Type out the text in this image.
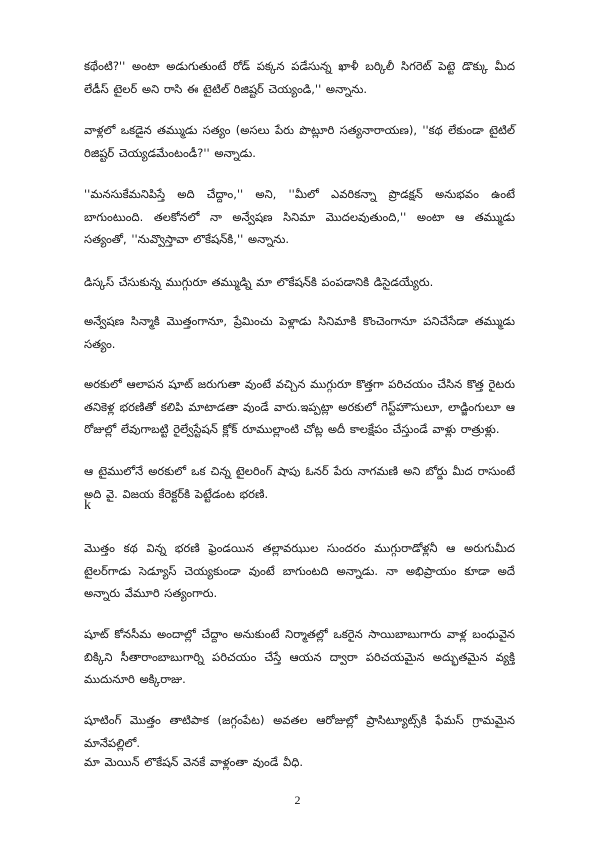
కథేంటి?'' అంటా అడుగుతుంటే రోడ్ పక్కన పడేసున్న ఖాళీ బర్కిలీ సిగరెట్ పెట్టె డొక్కు మీద లేడీస్ టైలర్ అని రాసి ఈ టైటిల్ రిజిష్టర్ చెయ్యండి,'' అన్నాను.

వాళ్లలో ఒకడైన తమ్ముడు సత్యం (అసలు పేరు పొట్లూరి సత్యనారాయణ), ''కథ లేకుండా టైటిల్ రిజిష్టర్ చెయ్యడమేంటండీ?'' అన్నాడు.

''మనసుకేమనిపిస్తే అది చేద్దాం,'' అని, ''మీలో ఎవరికన్నా ప్రొడక్షన్ అనుభవం ఉంటే బాగుంటుంది. తలకోనలో నా అన్వేషణ సినిమా మొదలవుతుంది,'' అంటా ఆ తమ్ముడు సత్యంతో, ''నువ్వొస్తావా లొకేషన్‌కి,'' అన్నాను.

డిస్కస్ చేసుకున్న ముగ్గురూ తమ్ముడ్ని మా లొకేషన్‌కి పంపడానికి డిసైడయ్యేరు.

అన్వేషణ సిన్మాకి మొత్తంగానూ, ప్రేమించు పెళ్లాడు సినిమాకి కొంచెంగానూ పనిచేసేడా తమ్ముడు సత్యం.

అరకులో ఆలాపన షూట్ జరుగుతా వుంటే వచ్చిన ముగ్గురూ కొత్తగా పరిచయం చేసిన కొత్త రైటరు తనికెళ్ల భరణితో కలిపి మాటాడతా వుండే వారు.ఇప్పట్లా అరకులో గెస్ట్‌హౌసులూ, లాడ్జింగులూ ఆ రోజుల్లో లేవుగాబట్టి రైల్వేస్టేషన్ క్లోక్ రూముల్లాంటి చోట్ల అదీ కాలక్షేపం చేస్తుండే వాళ్లు రాత్రుళ్లు.

ఆ టైములోనే అరకులో ఒక చిన్న టైలరింగ్ షాపు ఓనర్ పేరు నాగమణి అని బోర్డు మీద రాసుంటే అది వై. విజయ కేరెక్టర్‌కి పెట్టేడంట భరణి.

k

మొత్తం కథ విన్న భరణి ఫ్రెండయిన తల్లావఝుల సుందరం ముగ్గురాడోళ్లనీ ఆ అరుగుమీద టైలర్‌గాడు సెడ్యూస్ చెయ్యకుండా వుంటే బాగుంటది అన్నాడు. నా అభిప్రాయం కూడా అదే అన్నారు వేమూరి సత్యంగారు.

షూట్ కోనసీమ అందాల్లో చేద్దాం అనుకుంటే నిర్మాతల్లో ఒకరైన సాయిబాబుగారు వాళ్ల బంధువైన బిక్కిని సీతారాంబాబుగార్ని పరిచయం చేస్తే ఆయన ద్వారా పరిచయమైన అద్భుతమైన వ్యక్తి ముదునూరి అక్కిరాజు.

షూటింగ్ మొత్తం తాటిపాక (జగ్గంపేట) అవతల ఆరోజుల్లో ప్రాసిట్యూట్స్‌కి ఫేమస్ గ్రామమైన మానేపల్లిలో.

మా మెయిన్ లొకేషన్ వెనకే వాళ్లంతా వుండే వీధి.

2
